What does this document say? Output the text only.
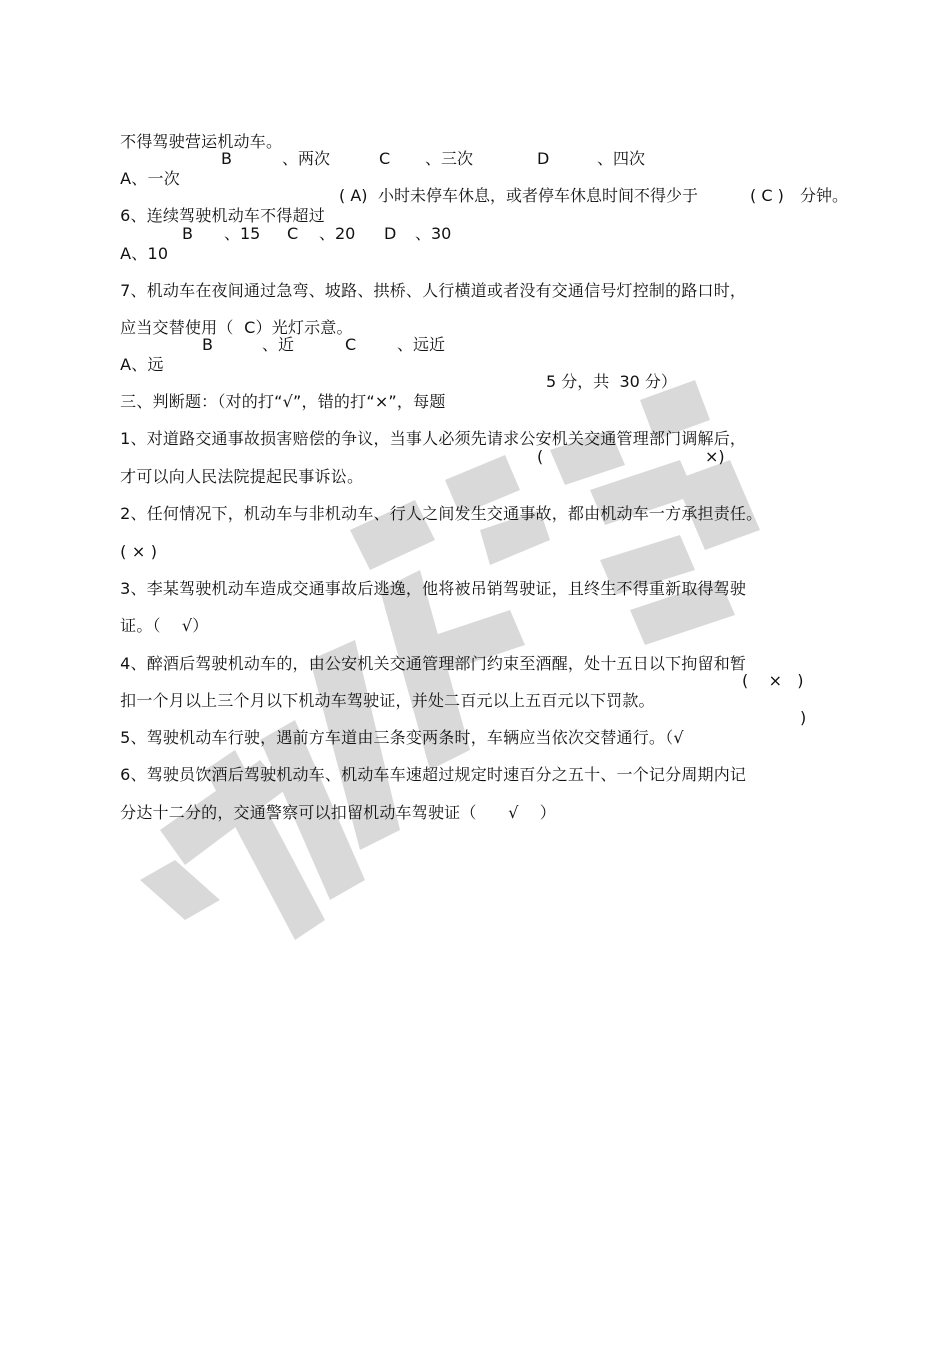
不得驾驶营运机动车。

A、一次

B	、两次	C 、三次	D	、四次

6、连续驾驶机动车不得超过

( A) 小时未停车休息，或者停车休息时间不得少于	( C ) 分钟。

A、10

B 、15 C 、20 D 、30

7、机动车在夜间通过急弯、坡路、拱桥、人行横道或者没有交通信号灯控制的路口时，

应当交替使用（  C）光灯示意。

A、远

B	、近	C	、远近

三、判断题：（对的打“√”，错的打“×”，每题

5 分，共  30 分）

1、对道路交通事故损害赔偿的争议，当事人必须先请求公安机关交通管理部门调解后，

才可以向人民法院提起民事诉讼。

(	×)

2、任何情况下，机动车与非机动车、行人之间发生交通事故，都由机动车一方承担责任。

( × )

3、李某驾驶机动车造成交通事故后逃逸，他将被吊销驾驶证，且终生不得重新取得驾驶

证。（    √）

4、醉酒后驾驶机动车的，由公安机关交通管理部门约束至酒醒，处十五日以下拘留和暂

扣一个月以上三个月以下机动车驾驶证，并处二百元以上五百元以下罚款。

(    ×   )

5、驾驶机动车行驶，遇前方车道由三条变两条时，车辆应当依次交替通行。（√

)

6、驾驶员饮酒后驾驶机动车、机动车车速超过规定时速百分之五十、一个记分周期内记

分达十二分的，交通警察可以扣留机动车驾驶证（      √    ）
